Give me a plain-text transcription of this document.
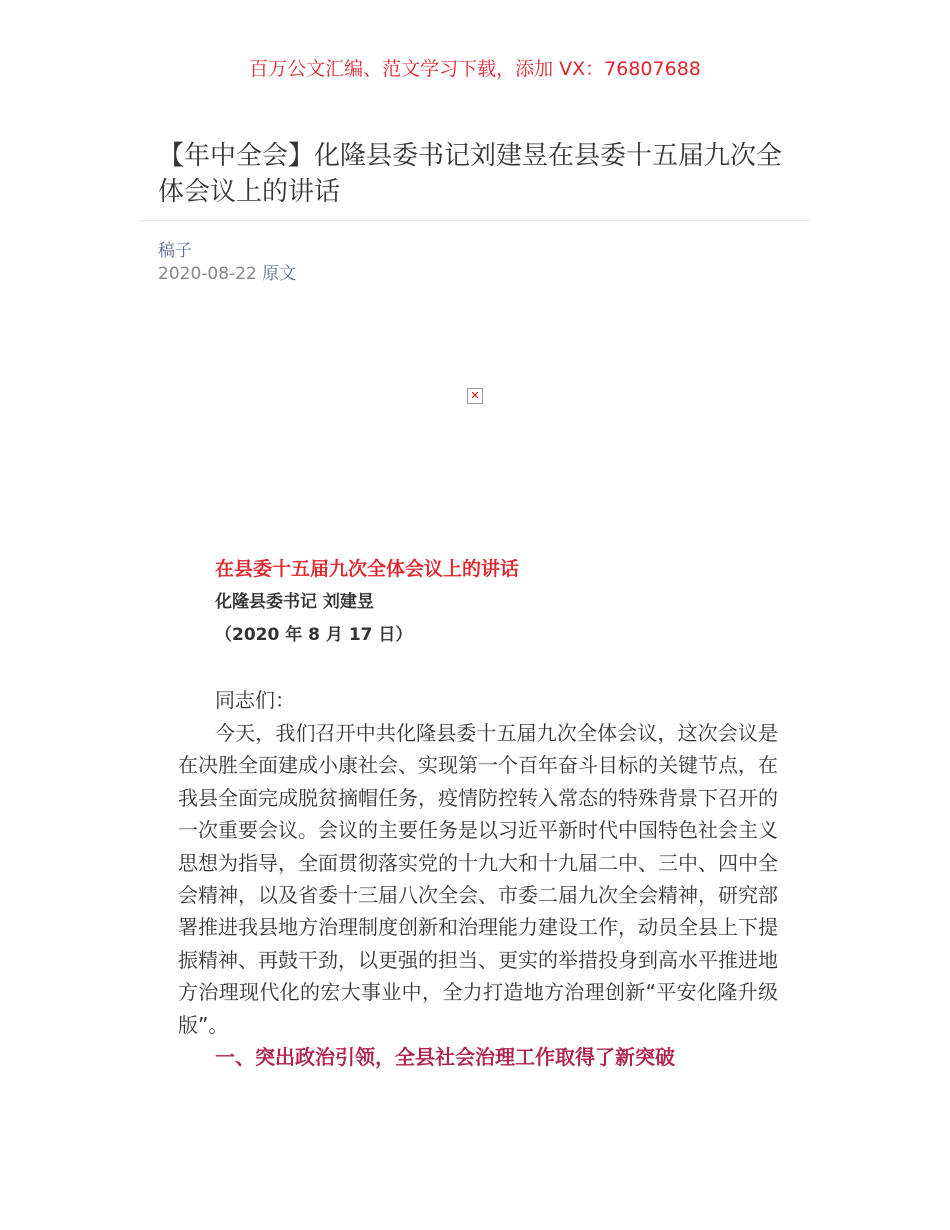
百万公文汇编、范文学习下载，添加 VX：76807688
【年中全会】化隆县委书记刘建昱在县委十五届九次全体会议上的讲话
稿子
2020-08-22 原文
✕
在县委十五届九次全体会议上的讲话
化隆县委书记 刘建昱
（2020 年 8 月 17 日）
同志们：

今天，我们召开中共化隆县委十五届九次全体会议，这次会议是在决胜全面建成小康社会、实现第一个百年奋斗目标的关键节点，在我县全面完成脱贫摘帽任务，疫情防控转入常态的特殊背景下召开的一次重要会议。会议的主要任务是以习近平新时代中国特色社会主义思想为指导，全面贯彻落实党的十九大和十九届二中、三中、四中全会精神，以及省委十三届八次全会、市委二届九次全会精神，研究部署推进我县地方治理制度创新和治理能力建设工作，动员全县上下提振精神、再鼓干劲，以更强的担当、更实的举措投身到高水平推进地方治理现代化的宏大事业中，全力打造地方治理创新“平安化隆升级版”。

一、突出政治引领，全县社会治理工作取得了新突破
